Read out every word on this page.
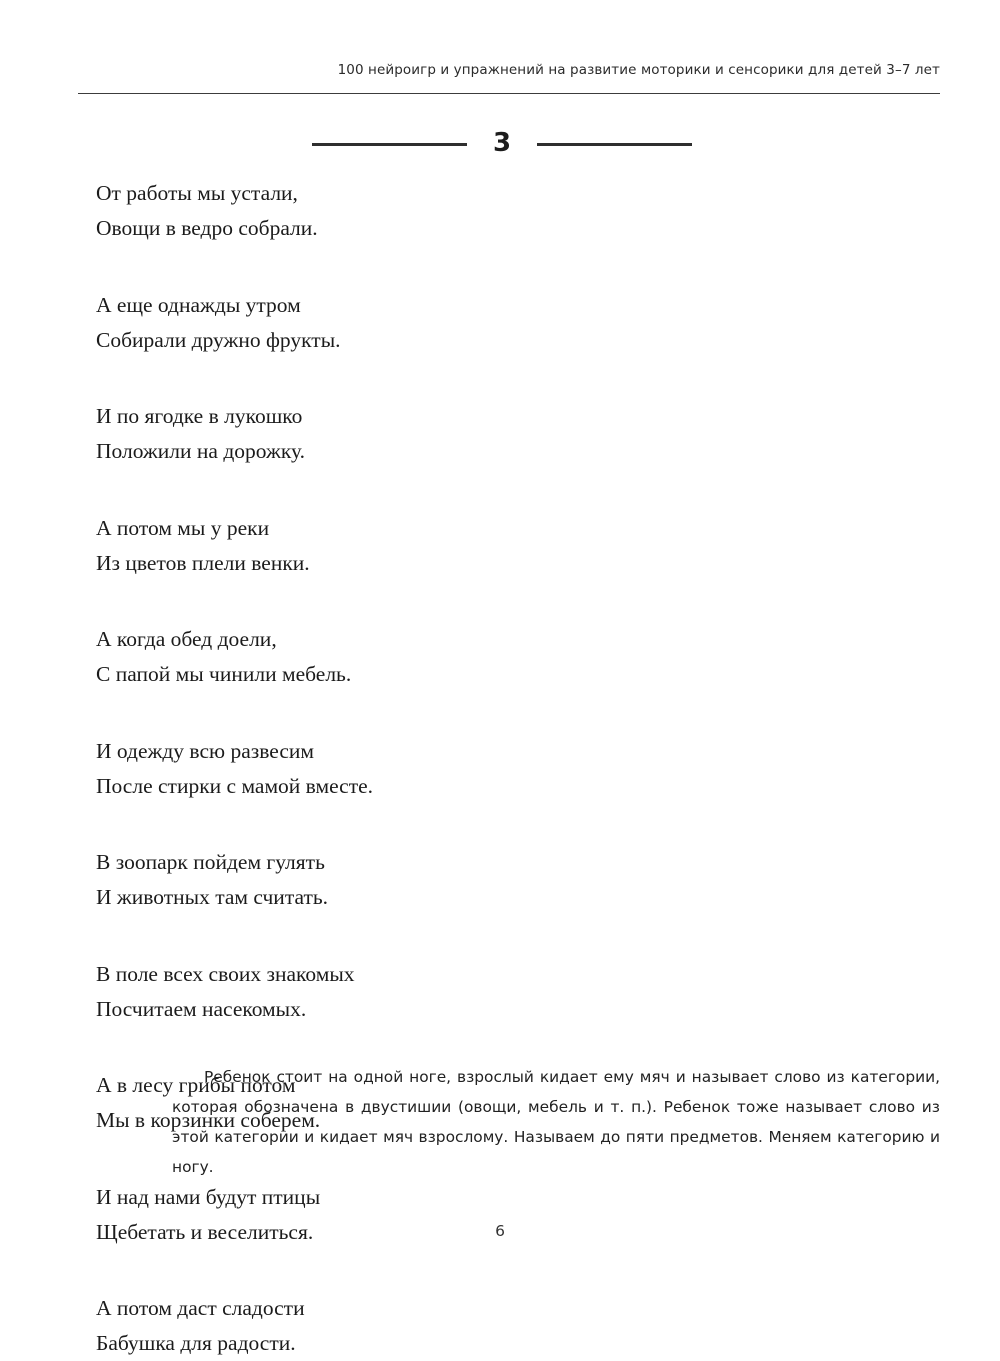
100 нейроигр и упражнений на развитие моторики и сенсорики для детей 3–7 лет
3
От работы мы устали,
Овощи в ведро собрали.
А еще однажды утром
Собирали дружно фрукты.
И по ягодке в лукошко
Положили на дорожку.
А потом мы у реки
Из цветов плели венки.
А когда обед доели,
С папой мы чинили мебель.
И одежду всю развесим
После стирки с мамой вместе.
В зоопарк пойдем гулять
И животных там считать.
В поле всех своих знакомых
Посчитаем насекомых.
А в лесу грибы потом
Мы в корзинки соберем.
И над нами будут птицы
Щебетать и веселиться.
А потом даст сладости
Бабушка для радости.
Ребенок стоит на одной ноге, взрослый кидает ему мяч и называет слово из категории, которая обозначена в двустишии (овощи, мебель и т. п.). Ребенок тоже называет слово из этой категории и кидает мяч взрослому. Называем до пяти предметов. Меняем категорию и ногу.
6
